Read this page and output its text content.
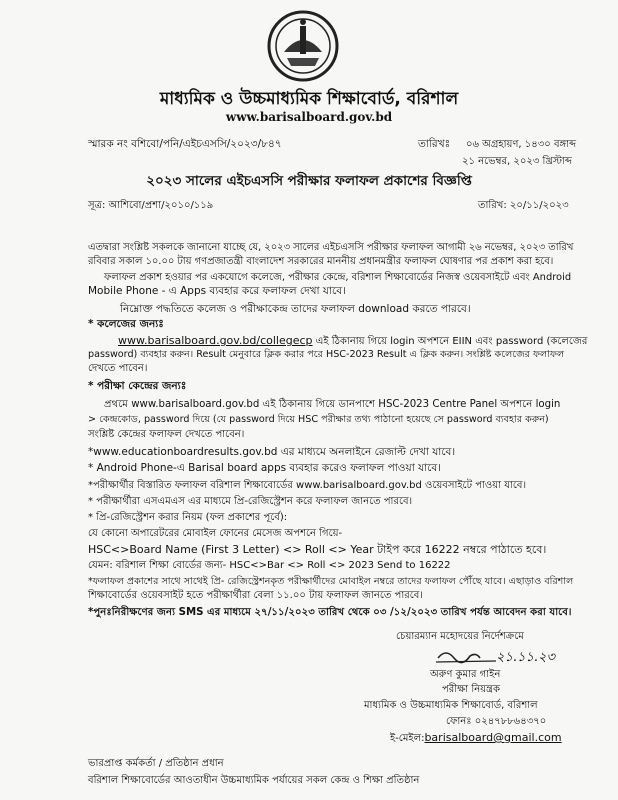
মাধ্যমিক ও উচ্চমাধ্যমিক শিক্ষাবোর্ড, বরিশাল
www.barisalboard.gov.bd
স্মারক নং বশিবো/পনি/এইচএসসি/২০২৩/৮৪৭	তারিখঃ ০৬ অগ্রহায়ণ, ১৪৩০ বঙ্গাব্দ
২১ নভেম্বর, ২০২৩ খ্রিস্টাব্দ
২০২৩ সালের এইচএসসি পরীক্ষার ফলাফল প্রকাশের বিজ্ঞপ্তি
সূত্র: আশিবো/প্রশা/২০১০/১১৯	তারিখ: ২০/১১/২০২৩
এতদ্বারা সংশ্লিষ্ট সকলকে জানানো যাচ্ছে যে, ২০২৩ সালের এইচএসসি পরীক্ষার ফলাফল আগামী ২৬ নভেম্বর, ২০২৩ তারিখ
রবিবার সকাল ১০.০০ টায় গণপ্রজাতন্ত্রী বাংলাদেশ সরকারের মাননীয় প্রধানমন্ত্রীর ফলাফল ঘোষণার পর প্রকাশ করা হবে।
ফলাফল প্রকাশ হওয়ার পর একযোগে কলেজে, পরীক্ষার কেন্দ্রে, বরিশাল শিক্ষাবোর্ডের নিজস্ব ওয়েবসাইটে এবং Android
Mobile Phone - এ Apps ব্যবহার করে ফলাফল দেখা যাবে।
নিম্নোক্ত পদ্ধতিতে কলেজ ও পরীক্ষাকেন্দ্র তাদের ফলাফল download করতে পারবে।
* কলেজের জন্যঃ
www.barisalboard.gov.bd/collegecp এই ঠিকানায় গিয়ে login অপশনে EIIN এবং password (কলেজের
password) ব্যবহার করুন। Result মেনুবারে ক্লিক করার পরে HSC-2023 Result এ ক্লিক করুন। সংশ্লিষ্ট কলেজের ফলাফল
দেখতে পাবেন।
* পরীক্ষা কেন্দ্রের জন্যঃ
প্রথমে www.barisalboard.gov.bd এই ঠিকানায় গিয়ে ডানপাশে HSC-2023 Centre Panel অপশনে login
> কেন্দ্রকোড, password দিয়ে (যে password দিয়ে HSC পরীক্ষার তথ্য পাঠানো হয়েছে সে password ব্যবহার করুন)
সংশ্লিষ্ট কেন্দ্রের ফলাফল দেখতে পাবেন।
*www.educationboardresults.gov.bd এর মাধ্যমে অনলাইনে রেজাল্ট দেখা যাবে।
* Android Phone-এ Barisal board apps ব্যবহার করেও ফলাফল পাওয়া যাবে।
*পরীক্ষার্থীর বিস্তারিত ফলাফল বরিশাল শিক্ষাবোর্ডের www.barisalboard.gov.bd ওয়েবসাইটে পাওয়া যাবে।
* পরীক্ষার্থীরা এসএমএস এর মাধ্যমে প্রি-রেজিস্ট্রেশন করে ফলাফল জানতে পারবে।
* প্রি-রেজিস্ট্রেশন করার নিয়ম (ফল প্রকাশের পূর্বে):
যে কোনো অপারেটরের মোবাইল ফোনের মেসেজ অপশনে গিয়ে-
HSC<>Board Name (First 3 Letter) <> Roll <> Year টাইপ করে 16222 নম্বরে পাঠাতে হবে।
যেমন: বরিশাল শিক্ষা বোর্ডের জন্য- HSC<>Bar <> Roll <> 2023 Send to 16222
*ফলাফল প্রকাশের সাথে সাথেই প্রি- রেজিস্ট্রেশনকৃত পরীক্ষার্থীদের মোবাইল নম্বরে তাদের ফলাফল পৌঁছে যাবে। এছাড়াও বরিশাল
শিক্ষাবোর্ডের ওয়েবসাইট হতে পরীক্ষার্থীরা বেলা ১১.০০ টায় ফলাফল জানতে পারবে।
*পুনঃনিরীক্ষণের জন্য SMS এর মাধ্যমে ২৭/১১/২০২৩ তারিখ থেকে ০৩ /১২/২০২৩ তারিখ পর্যন্ত আবেদন করা যাবে।
চেয়ারম্যান মহোদয়ের নির্দেশক্রমে
২১.১১.২৩
অরুণ কুমার গাইন
পরীক্ষা নিয়ন্ত্রক
মাধ্যমিক ও উচ্চমাধ্যমিক শিক্ষাবোর্ড, বরিশাল
ফোনঃ ০২৪৭৮৮৬৪৩৭০
ই-মেইল:barisalboard@gmail.com
ভারপ্রাপ্ত কর্মকর্তা / প্রতিষ্ঠান প্রধান
বরিশাল শিক্ষাবোর্ডের আওতাধীন উচ্চমাধ্যমিক পর্যায়ের সকল কেন্দ্র ও শিক্ষা প্রতিষ্ঠান
